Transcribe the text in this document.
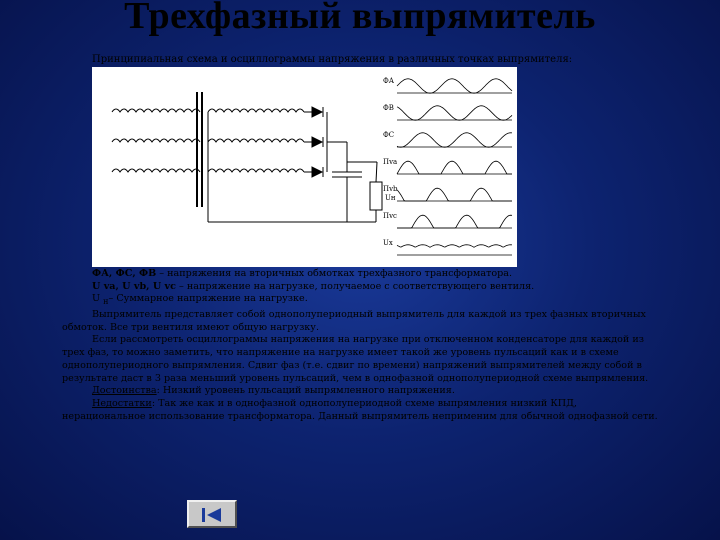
Трехфазный выпрямитель
Принципиальная схема и осциллограммы напряжения в различных точках выпрямителя:
Uн
ФА
ФВ
ФС
Пvа
Пvb
Пvc
Ux

ФА, ФС, ФВ – напряжения на вторичных обмотках трехфазного трансформатора.

U va, U vb, U vc – напряжение на нагрузке, получаемое с соответствующего вентиля.

U $_н$– Суммарное напряжение на нагрузке.

Выпрямитель представляет собой однополупериодный выпрямитель для каждой из трех фазных вторичных обмоток. Все три вентиля имеют общую нагрузку.

Если рассмотреть осциллограммы напряжения на нагрузке при отключенном конденсаторе для каждой из трех фаз, то можно заметить, что напряжение на нагрузке имеет такой же уровень пульсаций как и в схеме однополупериодного выпрямления. Сдвиг фаз (т.е. сдвиг по времени) напряжений выпрямителей между собой в результате даст в 3 раза меньший уровень пульсаций, чем в однофазной однополупериодной схеме выпрямления.

Достоинства: Низкий уровень пульсаций выпрямленного напряжения.

Недостатки: Так же как и в однофазной однополупериодной схеме выпрямления низкий КПД, нерациональное использование трансформатора. Данный выпрямитель неприменим для обычной однофазной сети.
